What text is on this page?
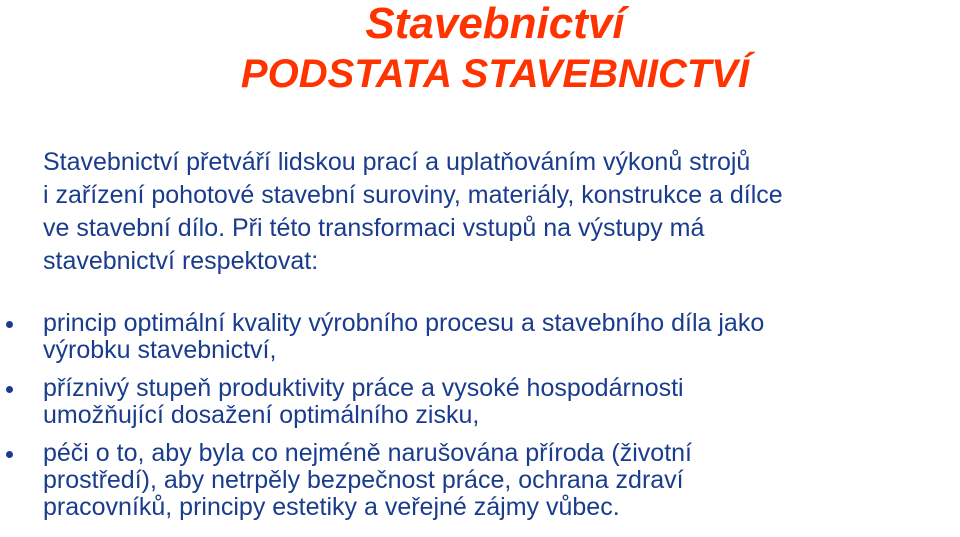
Stavebnictví
PODSTATA STAVEBNICTVÍ
Stavebnictví přetváří lidskou prací a uplatňováním výkonů strojů
i zařízení pohotové stavební suroviny, materiály, konstrukce a dílce
ve stavební dílo. Při této transformaci vstupů na výstupy má
stavebnictví respektovat:
princip optimální kvality výrobního procesu a stavebního díla jako
výrobku stavebnictví,
příznivý stupeň produktivity práce a vysoké hospodárnosti
umožňující dosažení optimálního zisku,
péči o to, aby byla co nejméně narušována příroda (životní
prostředí), aby netrpěly bezpečnost práce, ochrana zdraví
pracovníků, principy estetiky a veřejné zájmy vůbec.
